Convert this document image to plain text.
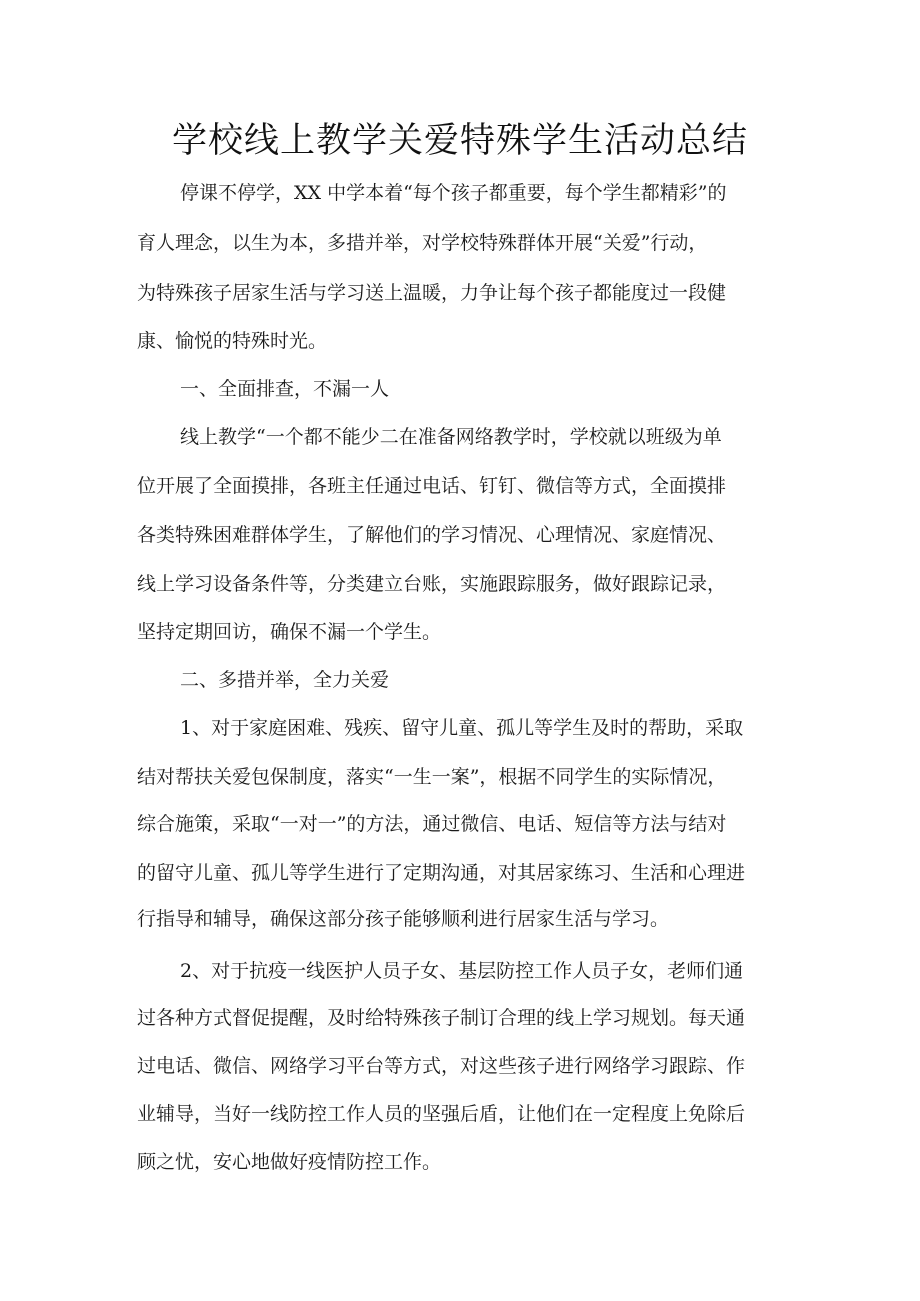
学校线上教学关爱特殊学生活动总结
停课不停学，XX 中学本着“每个孩子都重要，每个学生都精彩”的
育人理念，以生为本，多措并举，对学校特殊群体开展“关爱”行动，
为特殊孩子居家生活与学习送上温暖，力争让每个孩子都能度过一段健
康、愉悦的特殊时光。
一、全面排查，不漏一人
线上教学“一个都不能少二在准备网络教学时，学校就以班级为单
位开展了全面摸排，各班主任通过电话、钉钉、微信等方式，全面摸排
各类特殊困难群体学生，了解他们的学习情况、心理情况、家庭情况、
线上学习设备条件等，分类建立台账，实施跟踪服务，做好跟踪记录，
坚持定期回访，确保不漏一个学生。
二、多措并举，全力关爱
1、对于家庭困难、残疾、留守儿童、孤儿等学生及时的帮助，采取
结对帮扶关爱包保制度，落实“一生一案”，根据不同学生的实际情况，
综合施策，采取“一对一”的方法，通过微信、电话、短信等方法与结对
的留守儿童、孤儿等学生进行了定期沟通，对其居家练习、生活和心理进
行指导和辅导，确保这部分孩子能够顺利进行居家生活与学习。
2、对于抗疫一线医护人员子女、基层防控工作人员子女，老师们通
过各种方式督促提醒，及时给特殊孩子制订合理的线上学习规划。每天通
过电话、微信、网络学习平台等方式，对这些孩子进行网络学习跟踪、作
业辅导，当好一线防控工作人员的坚强后盾，让他们在一定程度上免除后
顾之忧，安心地做好疫情防控工作。
